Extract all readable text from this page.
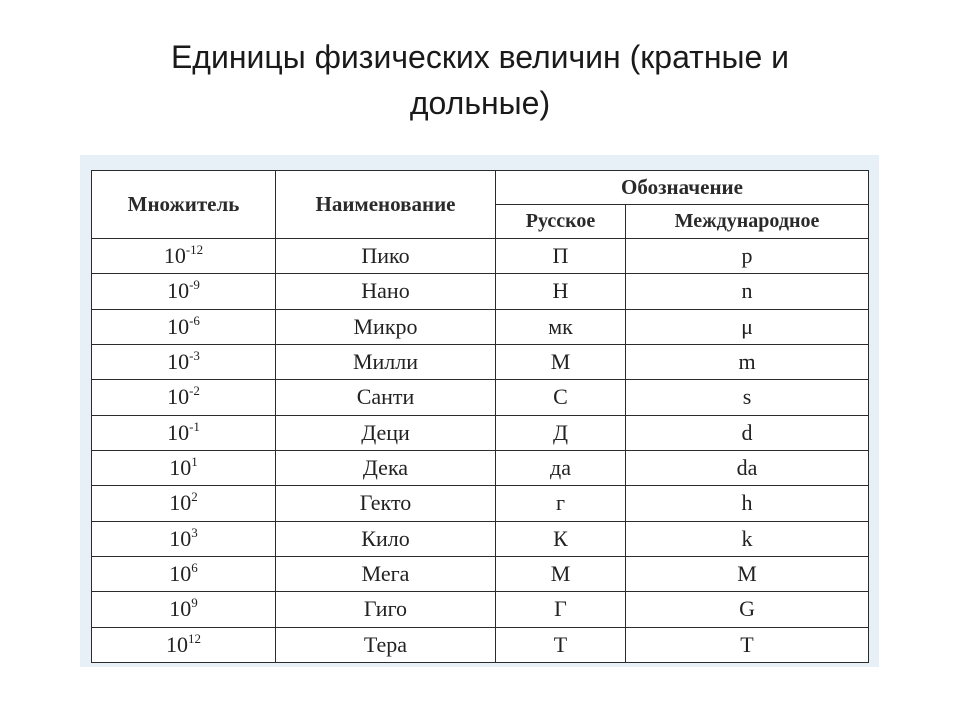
Единицы физических величин (кратные и
дольные)
Множитель	Наименование	Обозначение	
		Русское	Международное
$10^{-12}$	Пико	П	p
$10^{-9}$	Нано	Н	n
$10^{-6}$	Микро	мк	μ
$10^{-3}$	Милли	М	m
$10^{-2}$	Санти	С	s
$10^{-1}$	Деци	Д	d
$10^1$	Дека	да	da
$10^2$	Гекто	г	h
$10^3$	Кило	К	k
$10^6$	Мега	М	M
$10^9$	Гиго	Г	G
$10^{12}$	Тера	Т	T
